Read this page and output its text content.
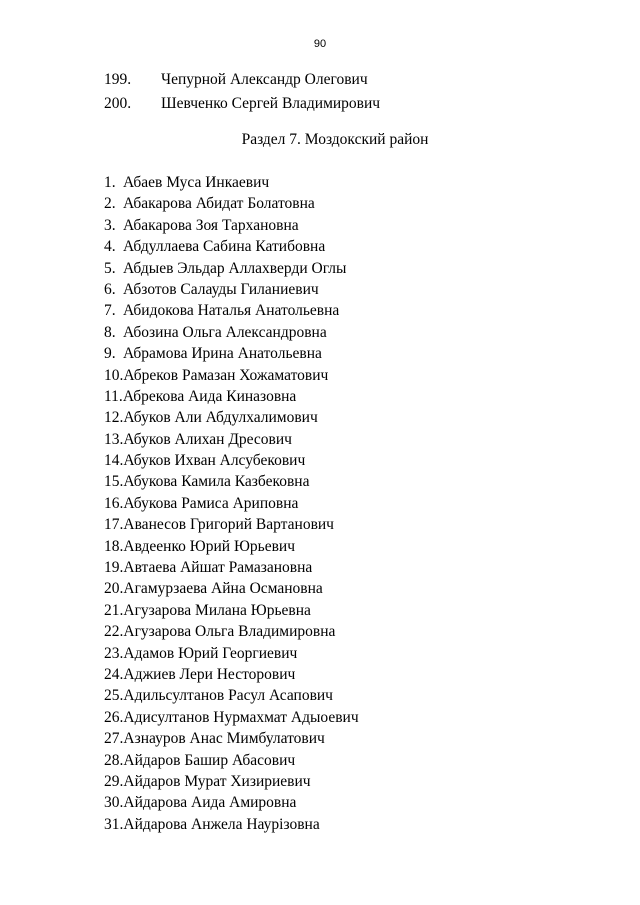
90
199. Чепурной Александр Олегович
200. Шевченко Сергей Владимирович
Раздел 7. Моздокский район
1. Абаев Муса Инкаевич
2. Абакарова Абидат Болатовна
3. Абакарова Зоя Тархановна
4. Абдуллаева Сабина Катибовна
5. Абдыев Эльдар Аллахверди Оглы
6. Абзотов Салауды Гиланиевич
7. Абидокова Наталья Анатольевна
8. Абозина Ольга Александровна
9. Абрамова Ирина Анатольевна
10.Абреков Рамазан Хожаматович
11.Абрекова Аида Киназовна
12.Абуков Али Абдулхалимович
13.Абуков Алихан Дресович
14.Абуков Ихван Алсубекович
15.Абукова Камила Казбековна
16.Абукова Рамиса Ариповна
17.Аванесов Григорий Вартанович
18.Авдеенко Юрий Юрьевич
19.Автаева Айшат Рамазановна
20.Агамурзаева Айна Османовна
21.Агузарова Милана Юрьевна
22.Агузарова Ольга Владимировна
23.Адамов Юрий Георгиевич
24.Аджиев Лери Несторович
25.Адильсултанов Расул Асапович
26.Адисултанов Нурмахмат Адыоевич
27.Азнауров Анас Мимбулатович
28.Айдаров Башир Абасович
29.Айдаров Мурат Хизириевич
30.Айдарова Аида Амировна
31.Айдарова Анжела Наурізовна
